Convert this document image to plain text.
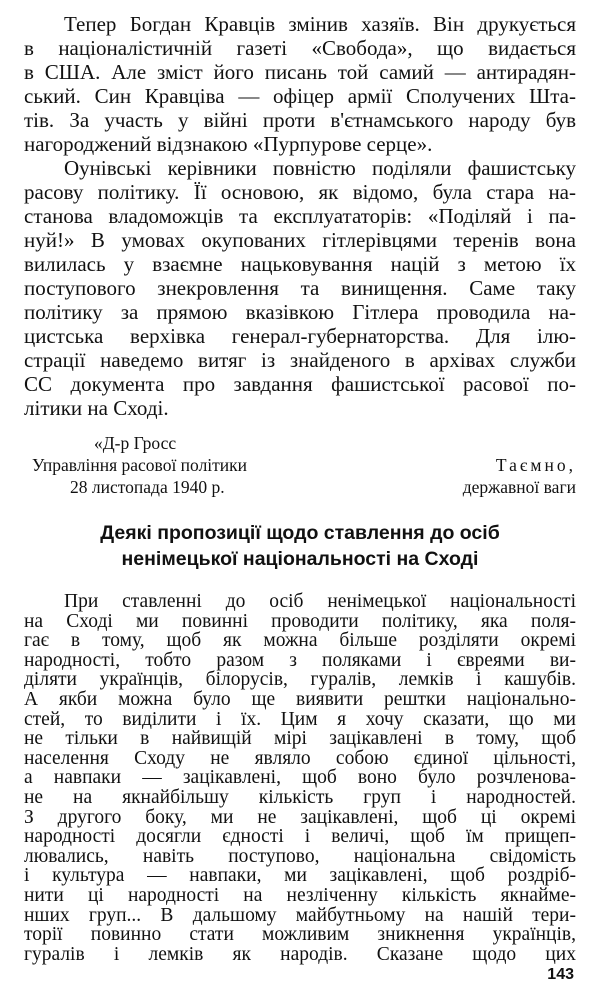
Тепер Богдан Кравців змінив хазяїв. Він друкується
в націоналістичній газеті «Свобода», що видається
в США. Але зміст його писань той самий — антирадян-
ський. Син Кравціва — офіцер армії Сполучених Шта-
тів. За участь у війні проти в'єтнамського народу був
нагороджений відзнакою «Пурпурове серце».
Оунівські керівники повністю поділяли фашистську
расову політику. Її основою, як відомо, була стара на-
станова владоможців та експлуататорів: «Поділяй і па-
нуй!» В умовах окупованих гітлерівцями теренів вона
вилилась у взаємне нацьковування націй з метою їх
поступового знекровлення та винищення. Саме таку
політику за прямою вказівкою Гітлера проводила на-
цистська верхівка генерал-губернаторства. Для ілю-
страції наведемо витяг із знайденого в архівах служби
СС документа про завдання фашистської расової по-
літики на Сході.
«Д-р Гросс
Управління расової політики
28 листопада 1940 р.
Таємно,
державної ваги
Деякі пропозиції щодо ставлення до осіб
ненімецької національності на Сході
При ставленні до осіб ненімецької національності
на Сході ми повинні проводити політику, яка поля-
гає в тому, щоб як можна більше розділяти окремі
народності, тобто разом з поляками і євреями ви-
діляти українців, білорусів, гуралів, лемків і кашубів.
А якби можна було ще виявити рештки національно-
стей, то виділити і їх. Цим я хочу сказати, що ми
не тільки в найвищій мірі зацікавлені в тому, щоб
населення Сходу не являло собою єдиної цільності,
а навпаки — зацікавлені, щоб воно було розчленова-
не на якнайбільшу кількість груп і народностей.
З другого боку, ми не зацікавлені, щоб ці окремі
народності досягли єдності і величі, щоб їм прищеп-
лювались, навіть поступово, національна свідомість
і культура — навпаки, ми зацікавлені, щоб роздріб-
нити ці народності на незліченну кількість якнайме-
нших груп... В дальшому майбутньому на нашій тери-
торії повинно стати можливим зникнення українців,
гуралів і лемків як народів. Сказане щодо цих
143
